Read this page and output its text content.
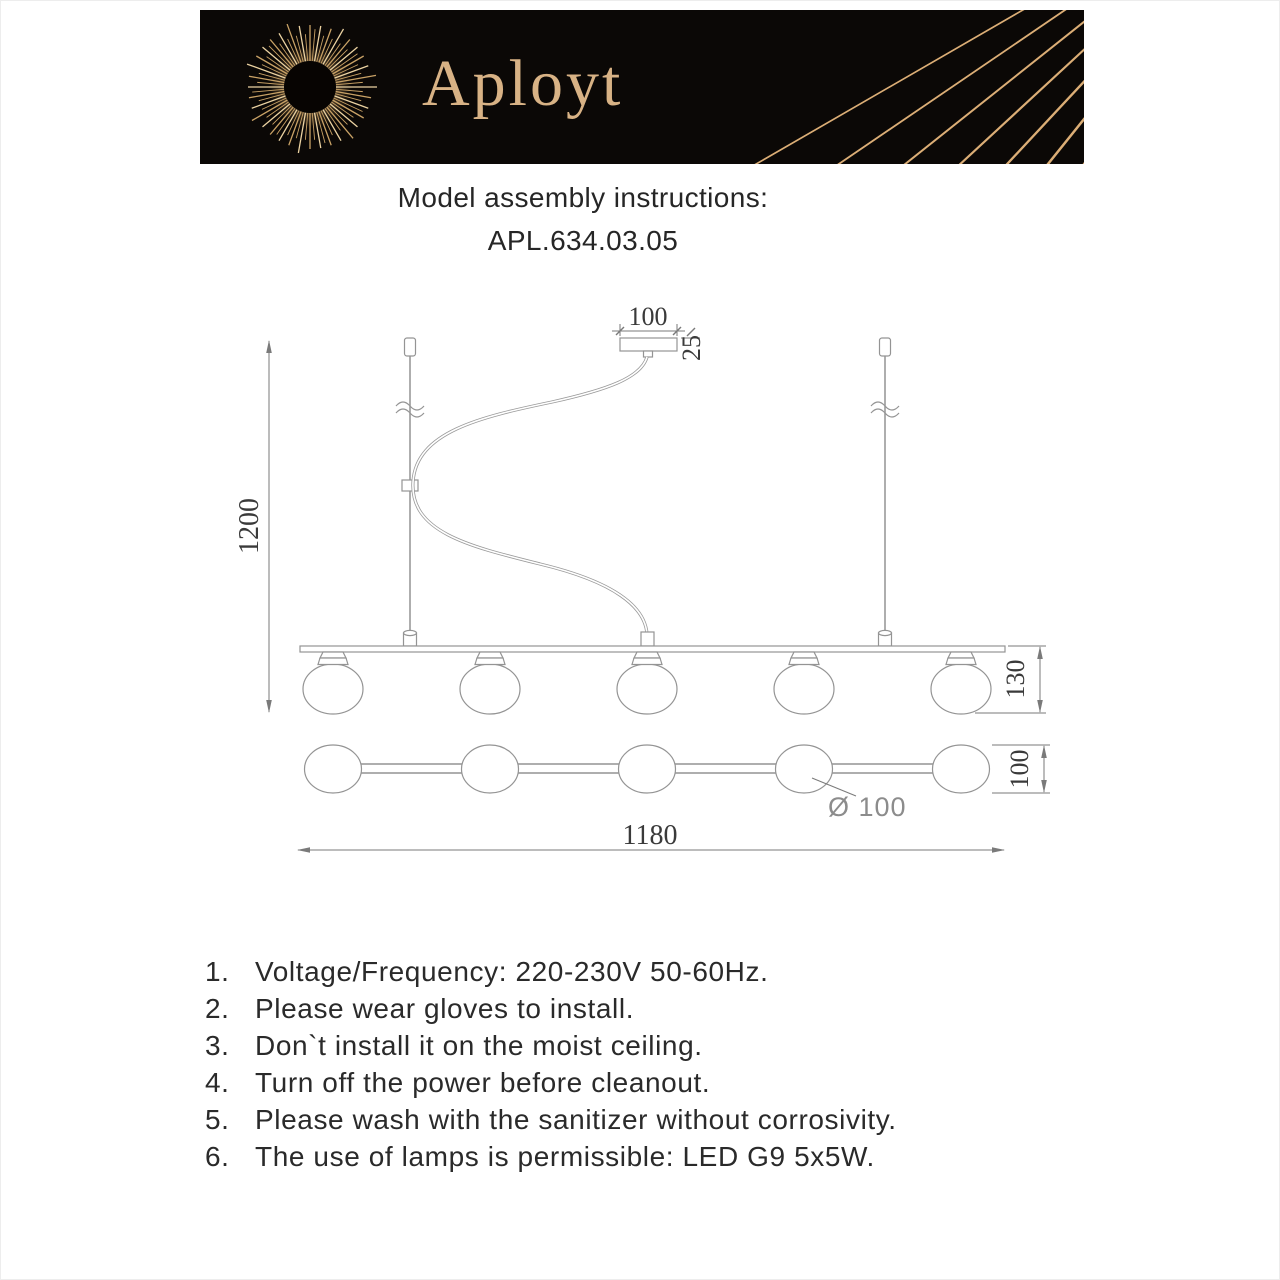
Aployt
Model assembly instructions:
APL.634.03.05
100
25
1200
130
100
Ø 100
1180
1. Voltage/Frequency: 220-230V 50-60Hz.
2. Please wear gloves to install.
3. Don`t install it on the moist ceiling.
4. Turn off the power before cleanout.
5. Please wash with the sanitizer without corrosivity.
6. The use of lamps is permissible: LED G9 5x5W.
